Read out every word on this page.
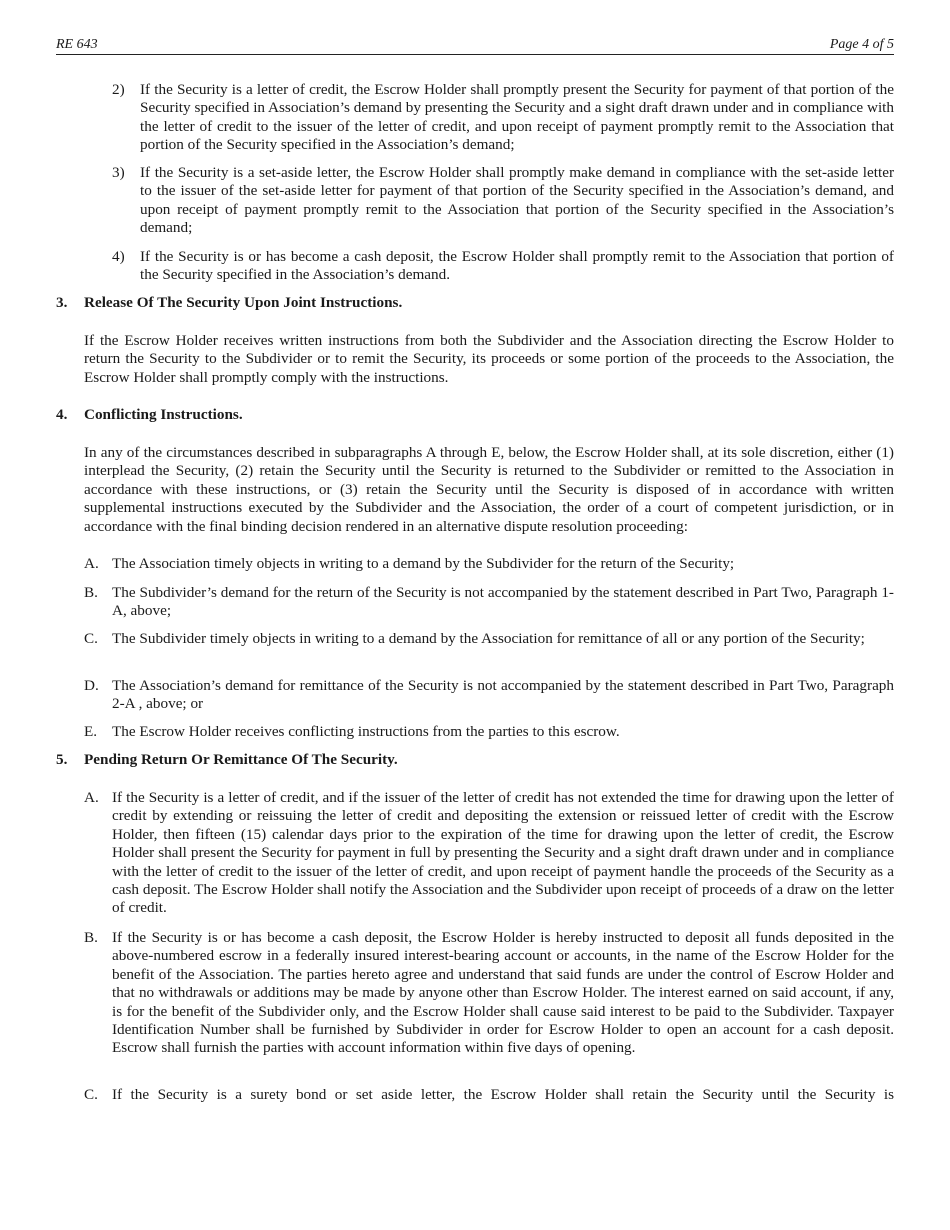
RE 643	Page 4 of 5
2) If the Security is a letter of credit, the Escrow Holder shall promptly present the Security for payment of that portion of the Security specified in Association’s demand by presenting the Security and a sight draft drawn under and in compliance with the letter of credit to the issuer of the letter of credit, and upon receipt of payment promptly remit to the Association that portion of the Security specified in the Association’s demand;
3) If the Security is a set-aside letter, the Escrow Holder shall promptly make demand in compliance with the set-aside letter to the issuer of the set-aside letter for payment of that portion of the Security specified in the Association’s demand, and upon receipt of payment promptly remit to the Association that portion of the Security specified in the Association’s demand;
4) If the Security is or has become a cash deposit, the Escrow Holder shall promptly remit to the Association that portion of the Security specified in the Association’s demand.
3. Release Of The Security Upon Joint Instructions.
If the Escrow Holder receives written instructions from both the Subdivider and the Association directing the Escrow Holder to return the Security to the Subdivider or to remit the Security, its proceeds or some portion of the proceeds to the Association, the Escrow Holder shall promptly comply with the instructions.
4. Conflicting Instructions.
In any of the circumstances described in subparagraphs A through E, below, the Escrow Holder shall, at its sole discretion, either (1) interplead the Security, (2) retain the Security until the Security is returned to the Subdivider or remitted to the Association in accordance with these instructions, or (3) retain the Security until the Security is disposed of in accordance with written supplemental instructions executed by the Subdivider and the Association, the order of a court of competent jurisdiction, or in accordance with the final binding decision rendered in an alternative dispute resolution proceeding:
A. The Association timely objects in writing to a demand by the Subdivider for the return of the Security;
B. The Subdivider’s demand for the return of the Security is not accompanied by the statement described in Part Two, Paragraph 1-A, above;
C. The Subdivider timely objects in writing to a demand by the Association for remittance of all or any portion of the Security;
D. The Association’s demand for remittance of the Security is not accompanied by the statement described in Part Two, Paragraph 2-A , above; or
E. The Escrow Holder receives conflicting instructions from the parties to this escrow.
5. Pending Return Or Remittance Of The Security.
A. If the Security is a letter of credit, and if the issuer of the letter of credit has not extended the time for drawing upon the letter of credit by extending or reissuing the letter of credit and depositing the extension or reissued letter of credit with the Escrow Holder, then fifteen (15) calendar days prior to the expiration of the time for drawing upon the letter of credit, the Escrow Holder shall present the Security for payment in full by presenting the Security and a sight draft drawn under and in compliance with the letter of credit to the issuer of the letter of credit, and upon receipt of payment handle the proceeds of the Security as a cash deposit. The Escrow Holder shall notify the Association and the Subdivider upon receipt of proceeds of a draw on the letter of credit.
B. If the Security is or has become a cash deposit, the Escrow Holder is hereby instructed to deposit all funds deposited in the above-numbered escrow in a federally insured interest-bearing account or accounts, in the name of the Escrow Holder for the benefit of the Association. The parties hereto agree and understand that said funds are under the control of Escrow Holder and that no withdrawals or additions may be made by anyone other than Escrow Holder. The interest earned on said account, if any, is for the benefit of the Subdivider only, and the Escrow Holder shall cause said interest to be paid to the Subdivider. Taxpayer Identification Number shall be furnished by Subdivider in order for Escrow Holder to open an account for a cash deposit. Escrow shall furnish the parties with account information within five days of opening.
C. If the Security is a surety bond or set aside letter, the Escrow Holder shall retain the Security until the Security is
